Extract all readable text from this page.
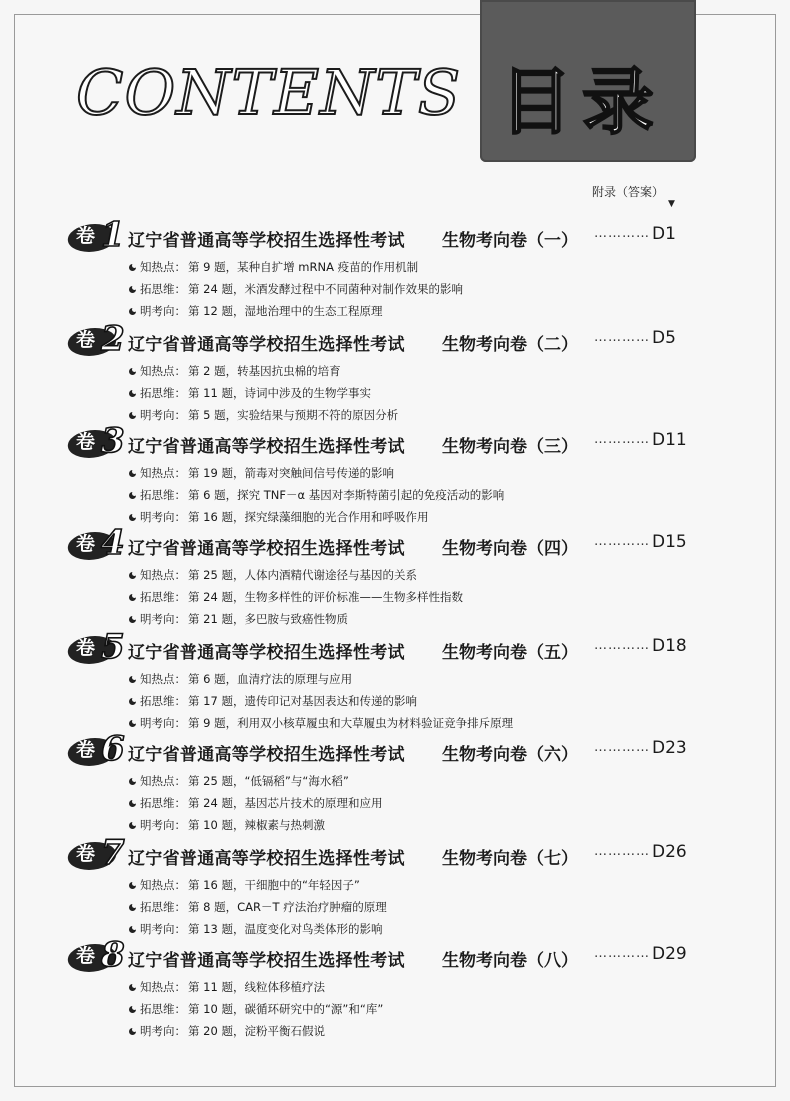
CONTENTS 目录
附录（答案）
▼
卷 1 辽宁省普通高等学校招生选择性考试 生物考向卷（一） ………… D1
知热点： 第 9 题，某种自扩增 mRNA 疫苗的作用机制
拓思维： 第 24 题，米酒发酵过程中不同菌种对制作效果的影响
明考向： 第 12 题，湿地治理中的生态工程原理
卷 2 辽宁省普通高等学校招生选择性考试 生物考向卷（二） ………… D5
知热点： 第 2 题，转基因抗虫棉的培育
拓思维： 第 11 题，诗词中涉及的生物学事实
明考向： 第 5 题，实验结果与预期不符的原因分析
卷 3 辽宁省普通高等学校招生选择性考试 生物考向卷（三） ………… D11
知热点： 第 19 题，箭毒对突触间信号传递的影响
拓思维： 第 6 题，探究 TNF－α 基因对李斯特菌引起的免疫活动的影响
明考向： 第 16 题，探究绿藻细胞的光合作用和呼吸作用
卷 4 辽宁省普通高等学校招生选择性考试 生物考向卷（四） ………… D15
知热点： 第 25 题，人体内酒精代谢途径与基因的关系
拓思维： 第 24 题，生物多样性的评价标准——生物多样性指数
明考向： 第 21 题，多巴胺与致癌性物质
卷 5 辽宁省普通高等学校招生选择性考试 生物考向卷（五） ………… D18
知热点： 第 6 题，血清疗法的原理与应用
拓思维： 第 17 题，遗传印记对基因表达和传递的影响
明考向： 第 9 题，利用双小核草履虫和大草履虫为材料验证竞争排斥原理
卷 6 辽宁省普通高等学校招生选择性考试 生物考向卷（六） ………… D23
知热点： 第 25 题，“低镉稻”与“海水稻”
拓思维： 第 24 题，基因芯片技术的原理和应用
明考向： 第 10 题，辣椒素与热刺激
卷 7 辽宁省普通高等学校招生选择性考试 生物考向卷（七） ………… D26
知热点： 第 16 题，干细胞中的“年轻因子”
拓思维： 第 8 题，CAR－T 疗法治疗肿瘤的原理
明考向： 第 13 题，温度变化对鸟类体形的影响
卷 8 辽宁省普通高等学校招生选择性考试 生物考向卷（八） ………… D29
知热点： 第 11 题，线粒体移植疗法
拓思维： 第 10 题，碳循环研究中的“源”和“库”
明考向： 第 20 题，淀粉平衡石假说
